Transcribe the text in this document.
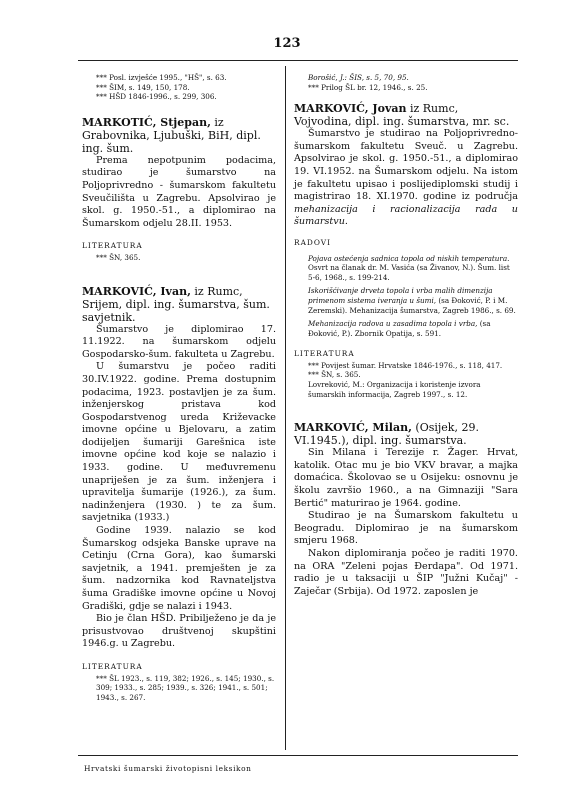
123
*** Posl. izvješće 1995., "HŠ", s. 63.
*** ŠIM, s. 149, 150, 178.
*** HŠD 1846-1996., s. 299, 306.
MARKOTIĆ, Stjepan, iz Grabovnika, Ljubuški, BiH, dipl. ing. šum.

Prema nepotpunim podacima, studirao je šumarstvo na Poljoprivredno - šumarskom fakultetu Sveučilišta u Zagrebu. Apsolvirao je skol. g. 1950.-51., a diplomirao na Šumarskom odjelu 28.II. 1953.

LITERATURA
*** ŠN, 365.
MARKOVIĆ, Ivan, iz Rumc, Srijem, dipl. ing. šumarstva, šum. savjetnik.

Šumarstvo je diplomirao 17. 11.1922. na šumarskom odjelu Gospodarsko-šum. fakulteta u Zagrebu.

U šumarstvu je počeo raditi 30.IV.1922. godine. Prema dostupnim podacima, 1923. postavljen je za šum. inženjerskog pristava kod Gospodarstvenog ureda Križevacke imovne općine u Bjelovaru, a zatim dodijeljen šumariji Garešnica iste imovne općine kod koje se nalazio i 1933. godine. U međuvremenu unapriješen je za šum. inženjera i upravitelja šumarije (1926.), za šum. nadinženjera (1930. ) te za šum. savjetnika (1933.)

Godine 1939. nalazio se kod Šumarskog odsjeka Banske uprave na Cetinju (Crna Gora), kao šumarski savjetnik, a 1941. premješten je za šum. nadzornika kod Ravnateljstva šuma Gradiške imovne općine u Novoj Gradiški, gdje se nalazi i 1943.

Bio je član HŠD. Pribilježeno je da je prisustvovao društvenoj skupštini 1946.g. u Zagrebu.

LITERATURA
*** ŠL 1923., s. 119, 382; 1926., s. 145; 1930., s. 309; 1933., s. 285; 1939., s. 326; 1941., s. 501; 1943., s. 267.
Borošić, J.: ŠIS, s. 5, 70, 95.
*** Prilog ŠL br. 12, 1946., s. 25.
MARKOVIĆ, Jovan iz Rumc, Vojvodina, dipl. ing. šumarstva, mr. sc.

Šumarstvo je studirao na Poljoprivredno-šumarskom fakultetu Sveuč. u Zagrebu. Apsolvirao je skol. g. 1950.-51., a diplomirao 19. VI.1952. na Šumarskom odjelu. Na istom je fakultetu upisao i poslijediplomski studij i magistrirao 18. XI.1970. godine iz područja mehanizacija i racionalizacija rada u šumarstvu.

RADOVI
Pojava ostećenja sadnica topola od niskih temperatura. Osvrt na članak dr. M. Vasića (sa Živanov, N.). Šum. list 5-6, 1968., s. 199-214.
Iskorišćivanje drveta topola i vrba malih dimenzija primenom sistema iveranja u šumi, (sa Đoković, P. i M. Zeremski). Mehanizacija šumarstva, Zagreb 1986., s. 69.
Mehanizacija radova u zasadima topola i vrba, (sa Đoković, P.). Zbornik Opatija, s. 591.
LITERATURA
*** Povijest šumar. Hrvatske 1846-1976., s. 118, 417.
*** ŠN, s. 365.
Lovreković, M.: Organizacija i koristenje izvora šumarskih informacija, Zagreb 1997., s. 12.
MARKOVIĆ, Milan, (Osijek, 29. VI.1945.), dipl. ing. šumarstva.

Sin Milana i Terezije r. Žager. Hrvat, katolik. Otac mu je bio VKV bravar, a majka domaćica. Školovao se u Osijeku: osnovnu je školu završio 1960., a na Gimnaziji "Sara Bertić" maturirao je 1964. godine.

Studirao je na Šumarskom fakultetu u Beogradu. Diplomirao je na šumarskom smjeru 1968.

Nakon diplomiranja počeo je raditi 1970. na ORA "Zeleni pojas Đerdapa". Od 1971. radio je u taksaciji u ŠIP "Južni Kučaj" - Zaječar (Srbija). Od 1972. zaposlen je

Hrvatski šumarski životopisni leksikon
